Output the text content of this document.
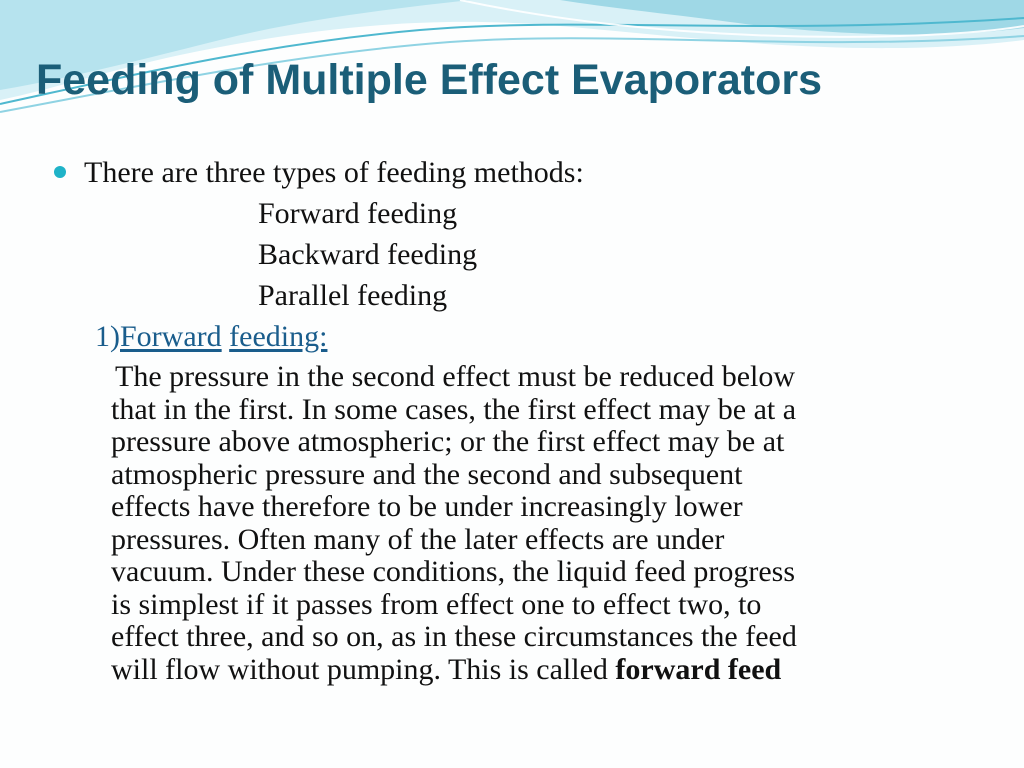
Feeding of Multiple Effect Evaporators
There are three types of feeding methods:
Forward feeding
Backward feeding
Parallel feeding
1)Forward feeding:

The pressure in the second effect must be reduced below
that in the first. In some cases, the first effect may be at a
pressure above atmospheric; or the first effect may be at
atmospheric pressure and the second and subsequent
effects have therefore to be under increasingly lower
pressures. Often many of the later effects are under
vacuum. Under these conditions, the liquid feed progress
is simplest if it passes from effect one to effect two, to
effect three, and so on, as in these circumstances the feed
will flow without pumping. This is called forward feed
